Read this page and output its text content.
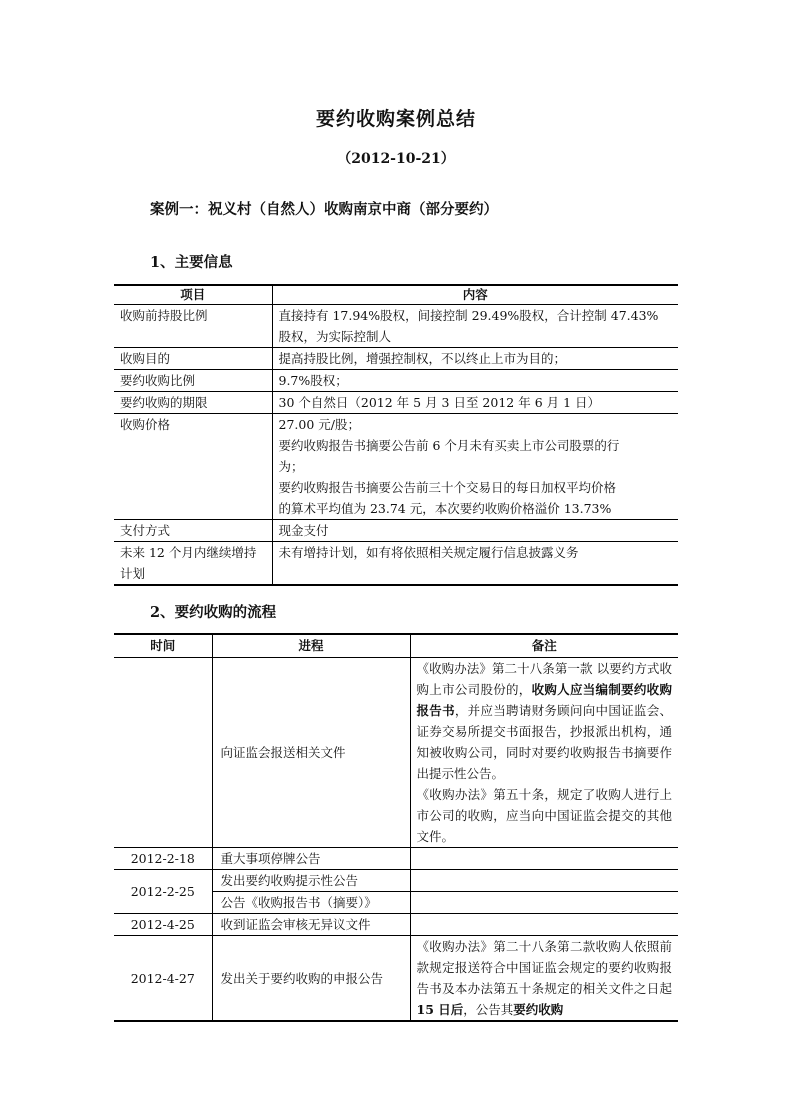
要约收购案例总结
（2012-10-21）
案例一：祝义村（自然人）收购南京中商（部分要约）
1、主要信息
项目	内容
收购前持股比例	直接持有 17.94%股权，间接控制 29.49%股权，合计控制 47.43%
股权，为实际控制人

收购目的	提高持股比例，增强控制权，不以终止上市为目的；
要约收购比例	9.7%股权；
要约收购的期限	30 个自然日（2012 年 5 月 3 日至 2012 年 6 月 1 日）
收购价格	27.00 元/股；
要约收购报告书摘要公告前 6 个月未有买卖上市公司股票的行
为；
要约收购报告书摘要公告前三十个交易日的每日加权平均价格
的算术平均值为 23.74 元，本次要约收购价格溢价 13.73%

支付方式	现金支付

未来 12 个月内继续增持
计划	未有增持计划，如有将依照相关规定履行信息披露义务
2、要约收购的流程
时间	进程	备注
	向证监会报送相关文件	《收购办法》第二十八条第一款 以要约方式收购上市公司股份的，收购人应当编制要约收购报告书，并应当聘请财务顾问向中国证监会、证券交易所提交书面报告，抄报派出机构，通知被收购公司，同时对要约收购报告书摘要作出提示性公告。
《收购办法》第五十条，规定了收购人进行上市公司的收购，应当向中国证监会提交的其他文件。

2012-2-18	重大事项停牌公告	
2012-2-25	发出要约收购提示性公告	
	公告《收购报告书（摘要）》	
2012-4-25	收到证监会审核无异议文件	
2012-4-27	发出关于要约收购的申报公告	《收购办法》第二十八条第二款收购人依照前款规定报送符合中国证监会规定的要约收购报告书及本办法第五十条规定的相关文件之日起15 日后，公告其要约收购
